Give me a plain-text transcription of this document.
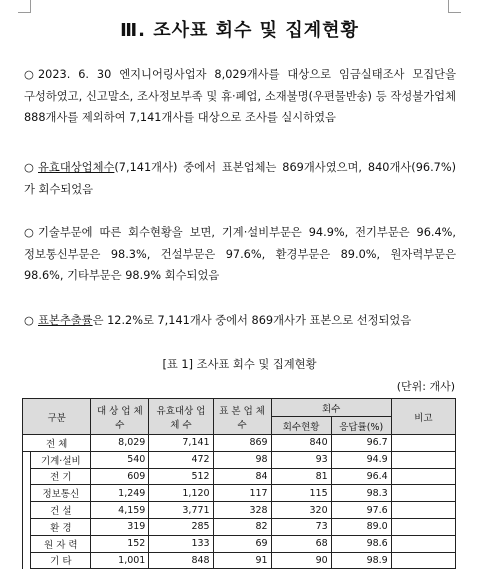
Ⅲ. 조사표 회수 및 집계현황
○ 2023. 6. 30 엔지니어링사업자 8,029개사를 대상으로 임금실태조사 모집단을 구성하였고, 신고말소, 조사정보부족 및 휴·폐업, 소재불명(우편물반송) 등 작성불가업체 888개사를 제외하여 7,141개사를 대상으로 조사를 실시하였음
○ 유효대상업체수(7,141개사) 중에서 표본업체는 869개사였으며, 840개사(96.7%)가 회수되었음
○ 기술부문에 따른 회수현황을 보면, 기계·설비부문은 94.9%, 전기부문은 96.4%, 정보통신부문은 98.3%, 건설부문은 97.6%, 환경부문은 89.0%, 원자력부문은 98.6%, 기타부문은 98.9% 회수되었음
○ 표본추출률은 12.2%로 7,141개사 중에서 869개사가 표본으로 선정되었음
[표 1] 조사표 회수 및 집계현황
(단위: 개사)
구분		대 상 업 체 수	유효대상 업 체 수	표 본 업 체 수	회수		비고
					회수현황	응답률(%)	
전 체		8,029	7,141	869	840	96.7	
	기계·설비	540	472	98	93	94.9	
	전 기	609	512	84	81	96.4	
	정보통신	1,249	1,120	117	115	98.3	
	건 설	4,159	3,771	328	320	97.6	
	환 경	319	285	82	73	89.0	
	원 자 력	152	133	69	68	98.6	
	기 타	1,001	848	91	90	98.9	
